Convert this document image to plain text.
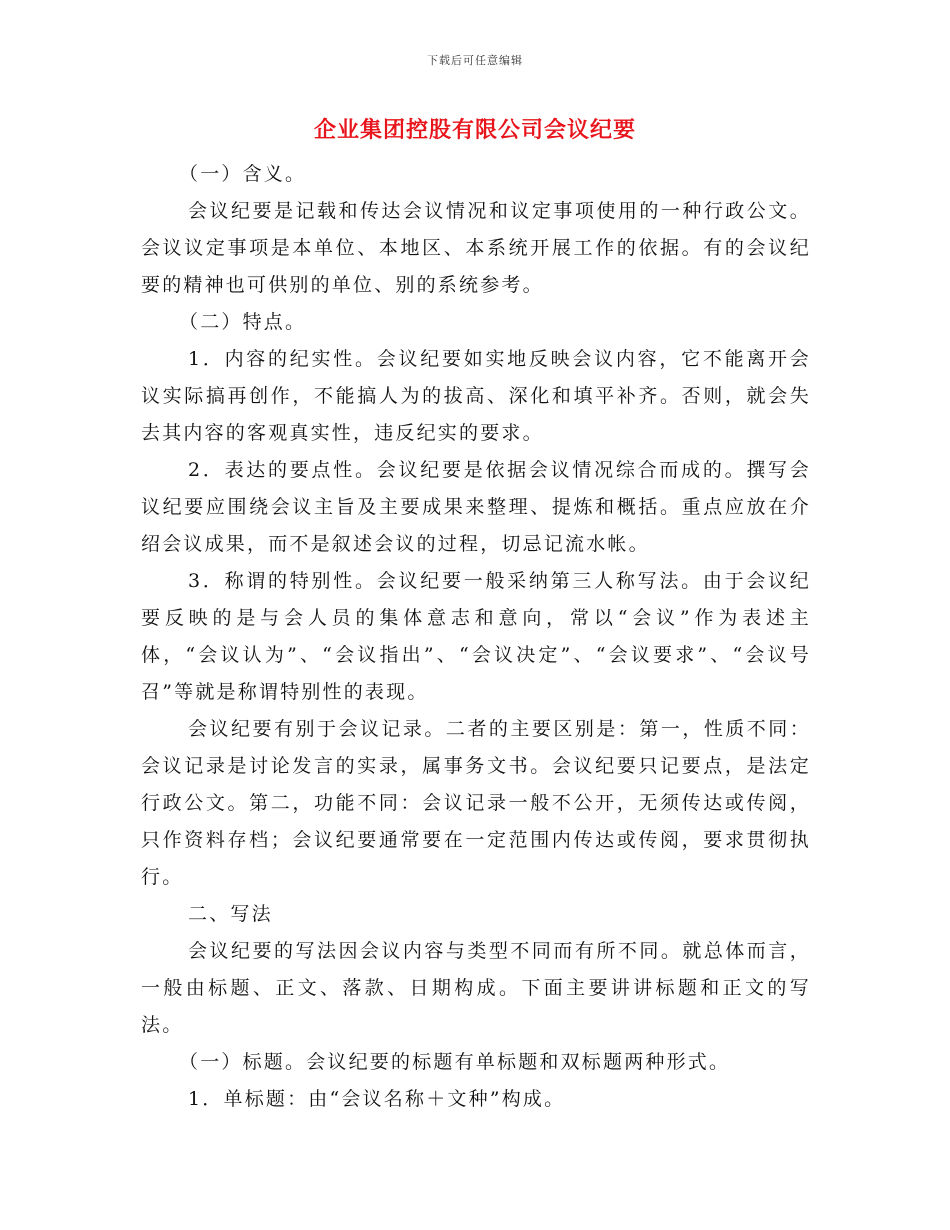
下载后可任意编辑
企业集团控股有限公司会议纪要

（一）含义。

会议纪要是记载和传达会议情况和议定事项使用的一种行政公文。会议议定事项是本单位、本地区、本系统开展工作的依据。有的会议纪要的精神也可供别的单位、别的系统参考。

（二）特点。

1．内容的纪实性。会议纪要如实地反映会议内容，它不能离开会议实际搞再创作，不能搞人为的拔高、深化和填平补齐。否则，就会失去其内容的客观真实性，违反纪实的要求。

2．表达的要点性。会议纪要是依据会议情况综合而成的。撰写会议纪要应围绕会议主旨及主要成果来整理、提炼和概括。重点应放在介绍会议成果，而不是叙述会议的过程，切忌记流水帐。

3．称谓的特别性。会议纪要一般采纳第三人称写法。由于会议纪要反映的是与会人员的集体意志和意向，常以“会议”作为表述主体，“会议认为”、“会议指出”、“会议决定”、“会议要求”、“会议号召”等就是称谓特别性的表现。

会议纪要有别于会议记录。二者的主要区别是：第一，性质不同：会议记录是讨论发言的实录，属事务文书。会议纪要只记要点，是法定行政公文。第二，功能不同：会议记录一般不公开，无须传达或传阅，只作资料存档；会议纪要通常要在一定范围内传达或传阅，要求贯彻执行。

二、写法

会议纪要的写法因会议内容与类型不同而有所不同。就总体而言，一般由标题、正文、落款、日期构成。下面主要讲讲标题和正文的写法。

（一）标题。会议纪要的标题有单标题和双标题两种形式。

1．单标题：由“会议名称＋文种”构成。
